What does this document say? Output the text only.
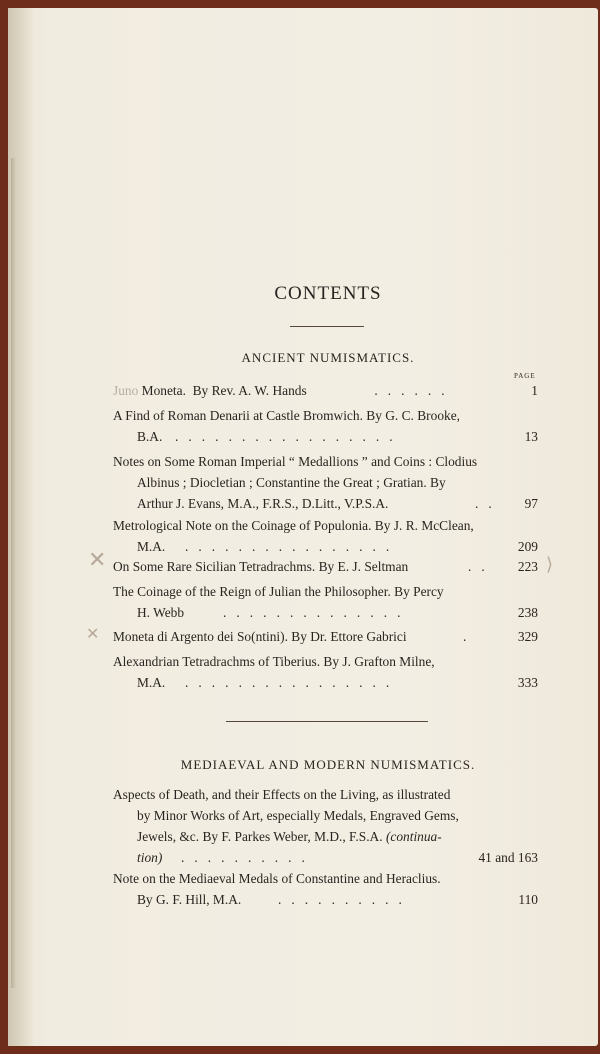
CONTENTS
ANCIENT NUMISMATICS.
PAGE
Juno Moneta.  By Rev. A. W. Hands	.   .   .   .   .   .	1
A Find of Roman Denarii at Castle Bromwich. By G. C. Brooke,
B.A. .   .   .   .   .   .   .   .   .   .   .   .   .   .   .   .   .	13
Notes on Some Roman Imperial “ Medallions ” and Coins : Clodius
Albinus ; Diocletian ; Constantine the Great ; Gratian. By
Arthur J. Evans, M.A., F.R.S., D.Litt., V.P.S.A.	.   . 97
Metrological Note on the Coinage of Populonia. By J. R. McClean,
M.A. .   .   .   .   .   .   .   .   .   .   .   .   .   .   .   .	209
On Some Rare Sicilian Tetradrachms. By E. J. Seltman	.   . 223
The Coinage of the Reign of Julian the Philosopher. By Percy
H. Webb	.   .   .   .   .   .   .   .   .   .   .   .   .   .	238
Moneta di Argento dei So(ntini). By Dr. Ettore Gabrici	.	329
Alexandrian Tetradrachms of Tiberius. By J. Grafton Milne,
M.A. .   .   .   .   .   .   .   .   .   .   .   .   .   .   .   .	333
MEDIAEVAL AND MODERN NUMISMATICS.
Aspects of Death, and their Effects on the Living, as illustrated
by Minor Works of Art, especially Medals, Engraved Gems,
Jewels, &c. By F. Parkes Weber, M.D., F.S.A. (continua-
tion) .   .   .   .   .   .   .   .   .   .	41 and 163
Note on the Mediaeval Medals of Constantine and Heraclius.
By G. F. Hill, M.A.	.   .   .   .   .   .   .   .   .   .	110
✕	⟩
✕
